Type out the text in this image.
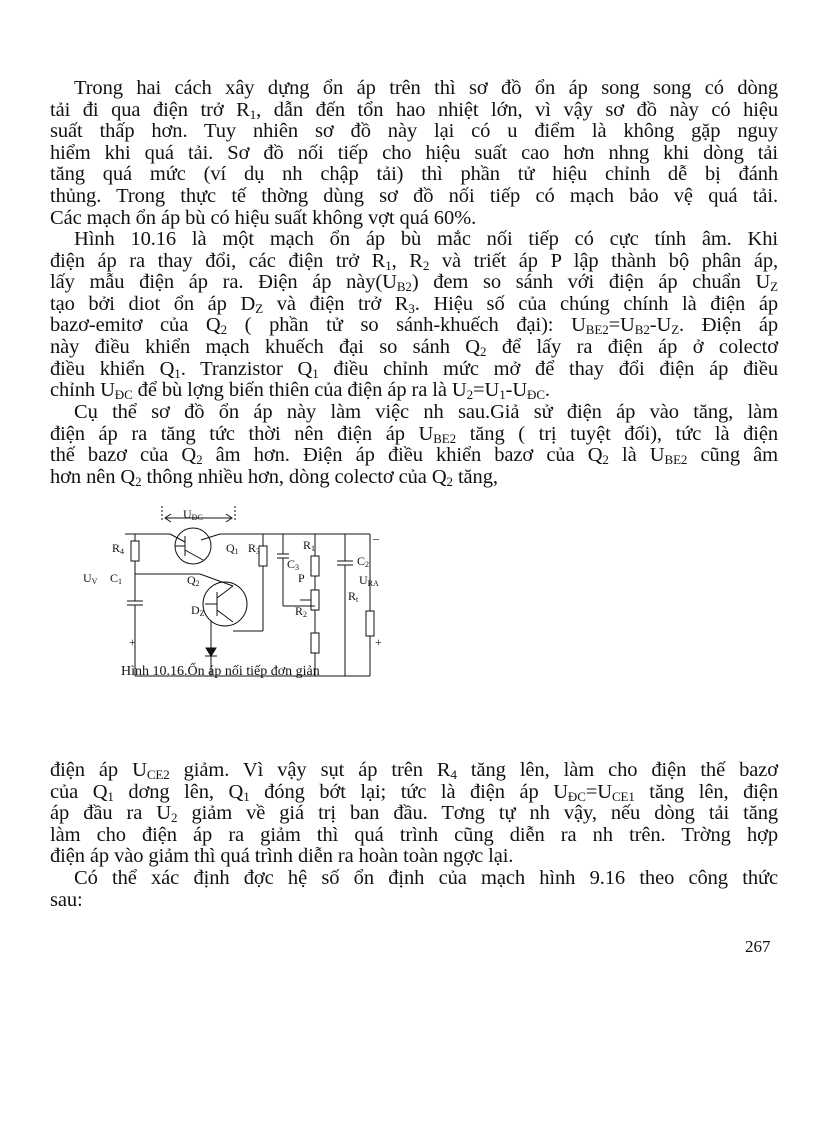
Trong hai cách xây dựng ổn áp trên thì sơ đồ ổn áp song song có dòng
tải đi qua điện trở $R_1$, dẫn đến tổn hao nhiệt lớn, vì vậy sơ đồ này có hiệu
suất thấp hơn. Tuy nhiên sơ đồ này lại có u điểm là không gặp nguy
hiểm khi quá tải. Sơ đồ nối tiếp cho hiệu suất cao hơn nhng khi dòng tải
tăng quá mức (ví dụ nh chập tải) thì phần tử hiệu chỉnh dễ bị đánh
thủng. Trong thực tế thờng dùng sơ đồ nối tiếp có mạch bảo vệ quá tải.
Các mạch ổn áp bù có hiệu suất không vợt quá 60%.

Hình 10.16 là một mạch ổn áp bù mắc nối tiếp có cực tính âm. Khi
điện áp ra thay đổi, các điện trở $R_1$, $R_2$ và triết áp P lập thành bộ phân áp,
lấy mẫu điện áp ra. Điện áp $này(U_{B2})$ đem so sánh với điện áp chuẩn $U_Z$
tạo bởi diot ổn áp $D_Z$ và điện trở $R_3$. Hiệu số của chúng chính là điện áp
bazơ-emitơ của $Q_2$ ( phần tử so sánh-khuếch đại): $U_{BE2}=U_{B2}-U_Z$. Điện áp
này điều khiển mạch khuếch đại so sánh $Q_2$ để lấy ra điện áp ở colectơ
điều khiển $Q_1$. Tranzistor $Q_1$ điều chỉnh mức mở để thay đổi điện áp điều
chỉnh $U_{ĐC}$ để bù lợng biến thiên của điện áp ra là $U_2=U_1-U_{ĐC}$.

Cụ thể sơ đồ ổn áp này làm việc nh sau.Giả sử điện áp vào tăng, làm
điện áp ra tăng tức thời nên điện áp $U_{BE2}$ tăng ( trị tuyệt đối), tức là điện
thế bazơ của $Q_2$ âm hơn. Điện áp điều khiển bazơ của $Q_2$ là $U_{BE2}$ cũng âm
hơn nên $Q_2$ thông nhiều hơn, dòng colectơ của $Q_2$ tăng,

$U_{ĐC}$
$R_4$	$Q_1$ $R_3$	$R_1$
$C_2$
–
$U_V$ $C_1$	$Q_2$
$C_3$
P	$U_{RA}$
$R_t$
$D_Z$	$R_2$
+	+
Hình 10.16.Ổn áp nối tiếp đơn giản

điện áp $U_{CE2}$ giảm. Vì vậy sụt áp trên $R_4$ tăng lên, làm cho điện thế bazơ
của $Q_1$ dơng lên, $Q_1$ đóng bớt lại; tức là điện áp $U_{ĐC}=U_{CE1}$ tăng lên, điện
áp đầu ra $U_2$ giảm về giá trị ban đầu. Tơng tự nh vậy, nếu dòng tải tăng
làm cho điện áp ra giảm thì quá trình cũng diễn ra nh trên. Trờng hợp
điện áp vào giảm thì quá trình diễn ra hoàn toàn ngợc lại.

Có thể xác định đợc hệ số ổn định của mạch hình 9.16 theo công thức
sau:

267
